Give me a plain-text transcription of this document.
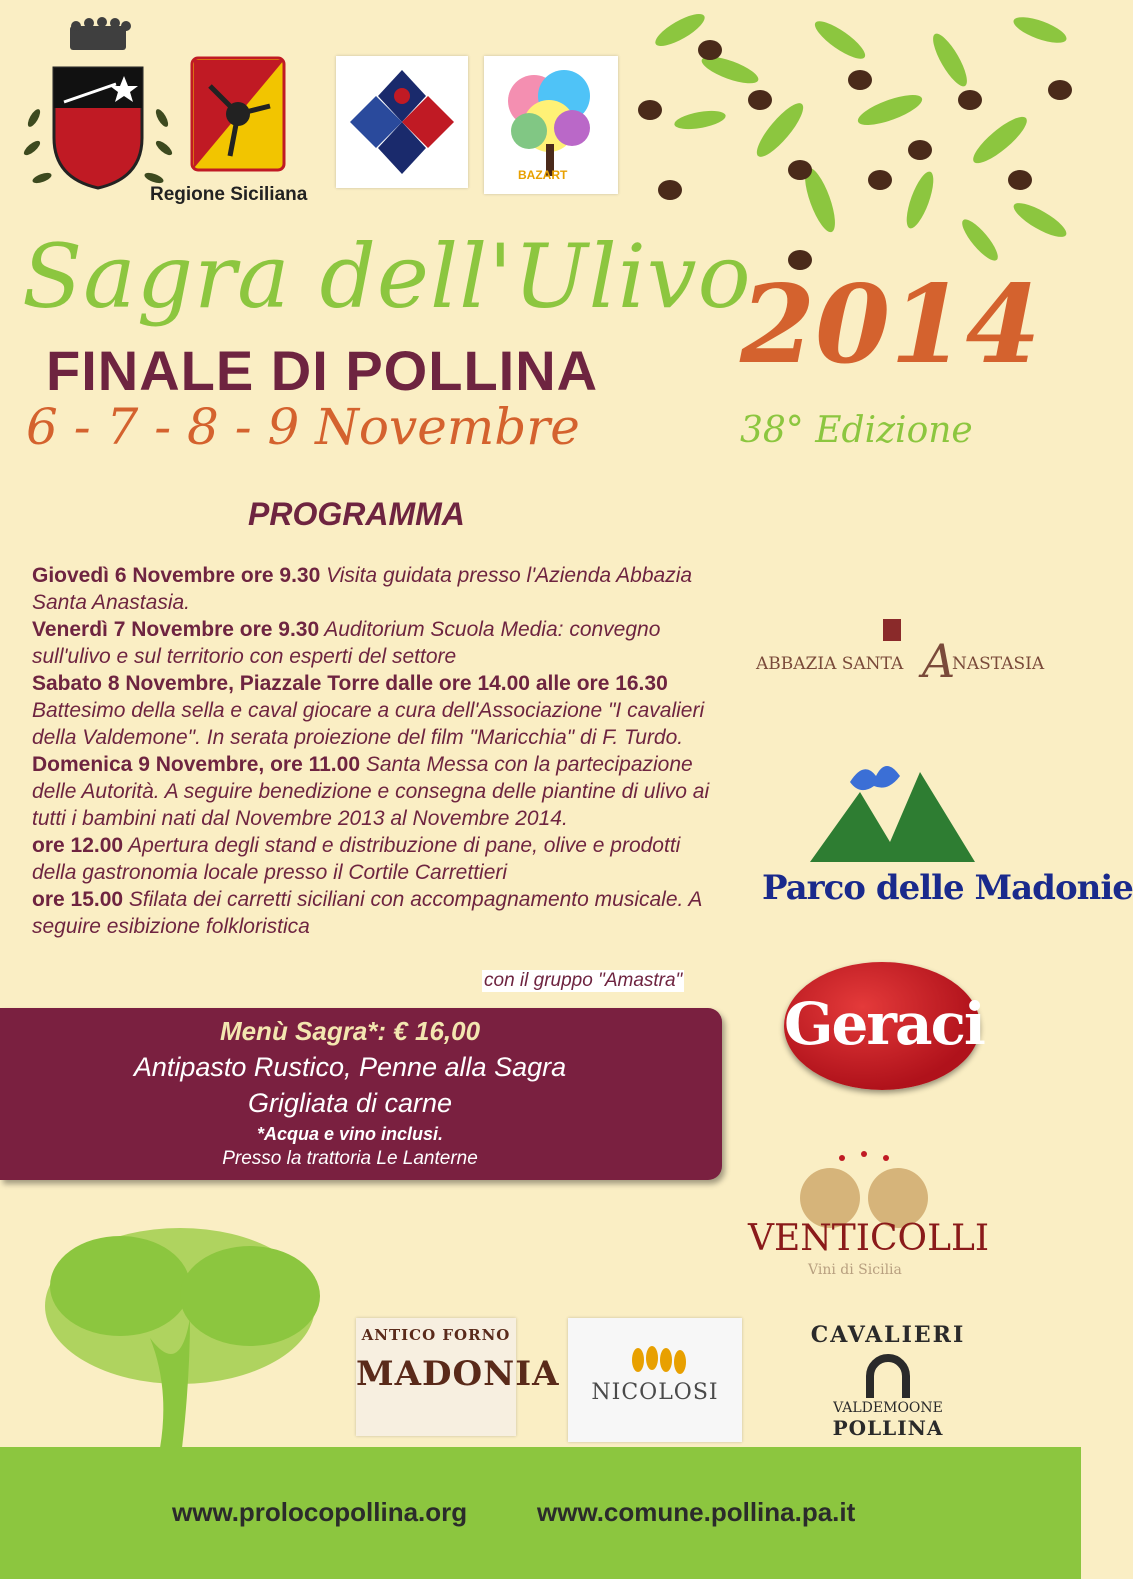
Regione Siciliana
BAZART
Sagra dell'Ulivo
2014
FINALE DI POLLINA
6 - 7 - 8 - 9 Novembre	38° Edizione
PROGRAMMA

Giovedì 6 Novembre ore 9.30 Visita guidata presso l'Azienda Abbazia Santa Anastasia.

Venerdì 7 Novembre ore 9.30 Auditorium Scuola Media: convegno sull'ulivo e sul territorio con esperti del settore

Sabato 8 Novembre, Piazzale Torre dalle ore 14.00 alle ore 16.30 Battesimo della sella e caval giocare a cura dell'Associazione "I cavalieri della Valdemone". In serata proiezione del film "Maricchia" di F. Turdo.

Domenica 9 Novembre, ore 11.00 Santa Messa con la partecipazione delle Autorità. A seguire benedizione e consegna delle piantine di ulivo ai tutti i bambini nati dal Novembre 2013 al Novembre 2014.

ore 12.00 Apertura degli stand e distribuzione di pane, olive e prodotti della gastronomia locale presso il Cortile Carrettieri

ore 15.00 Sfilata dei carretti siciliani con accompagnamento musicale. A seguire esibizione folkloristica

con il gruppo "Amastra"
Menù Sagra*: € 16,00
Antipasto Rustico, Penne alla Sagra
Grigliata di carne
*Acqua e vino inclusi.
Presso la trattoria Le Lanterne
ABBAZIA SANTA A
NASTASIA
Parco delle Madonie
Geraci
VENTICOLLI
Vini di Sicilia
ANTICO FORNO
MADONIA	NICOLOSI
CAVALIERI
VALDEMOONE
POLLINA
www.prolocopollina.org	www.comune.pollina.pa.it
